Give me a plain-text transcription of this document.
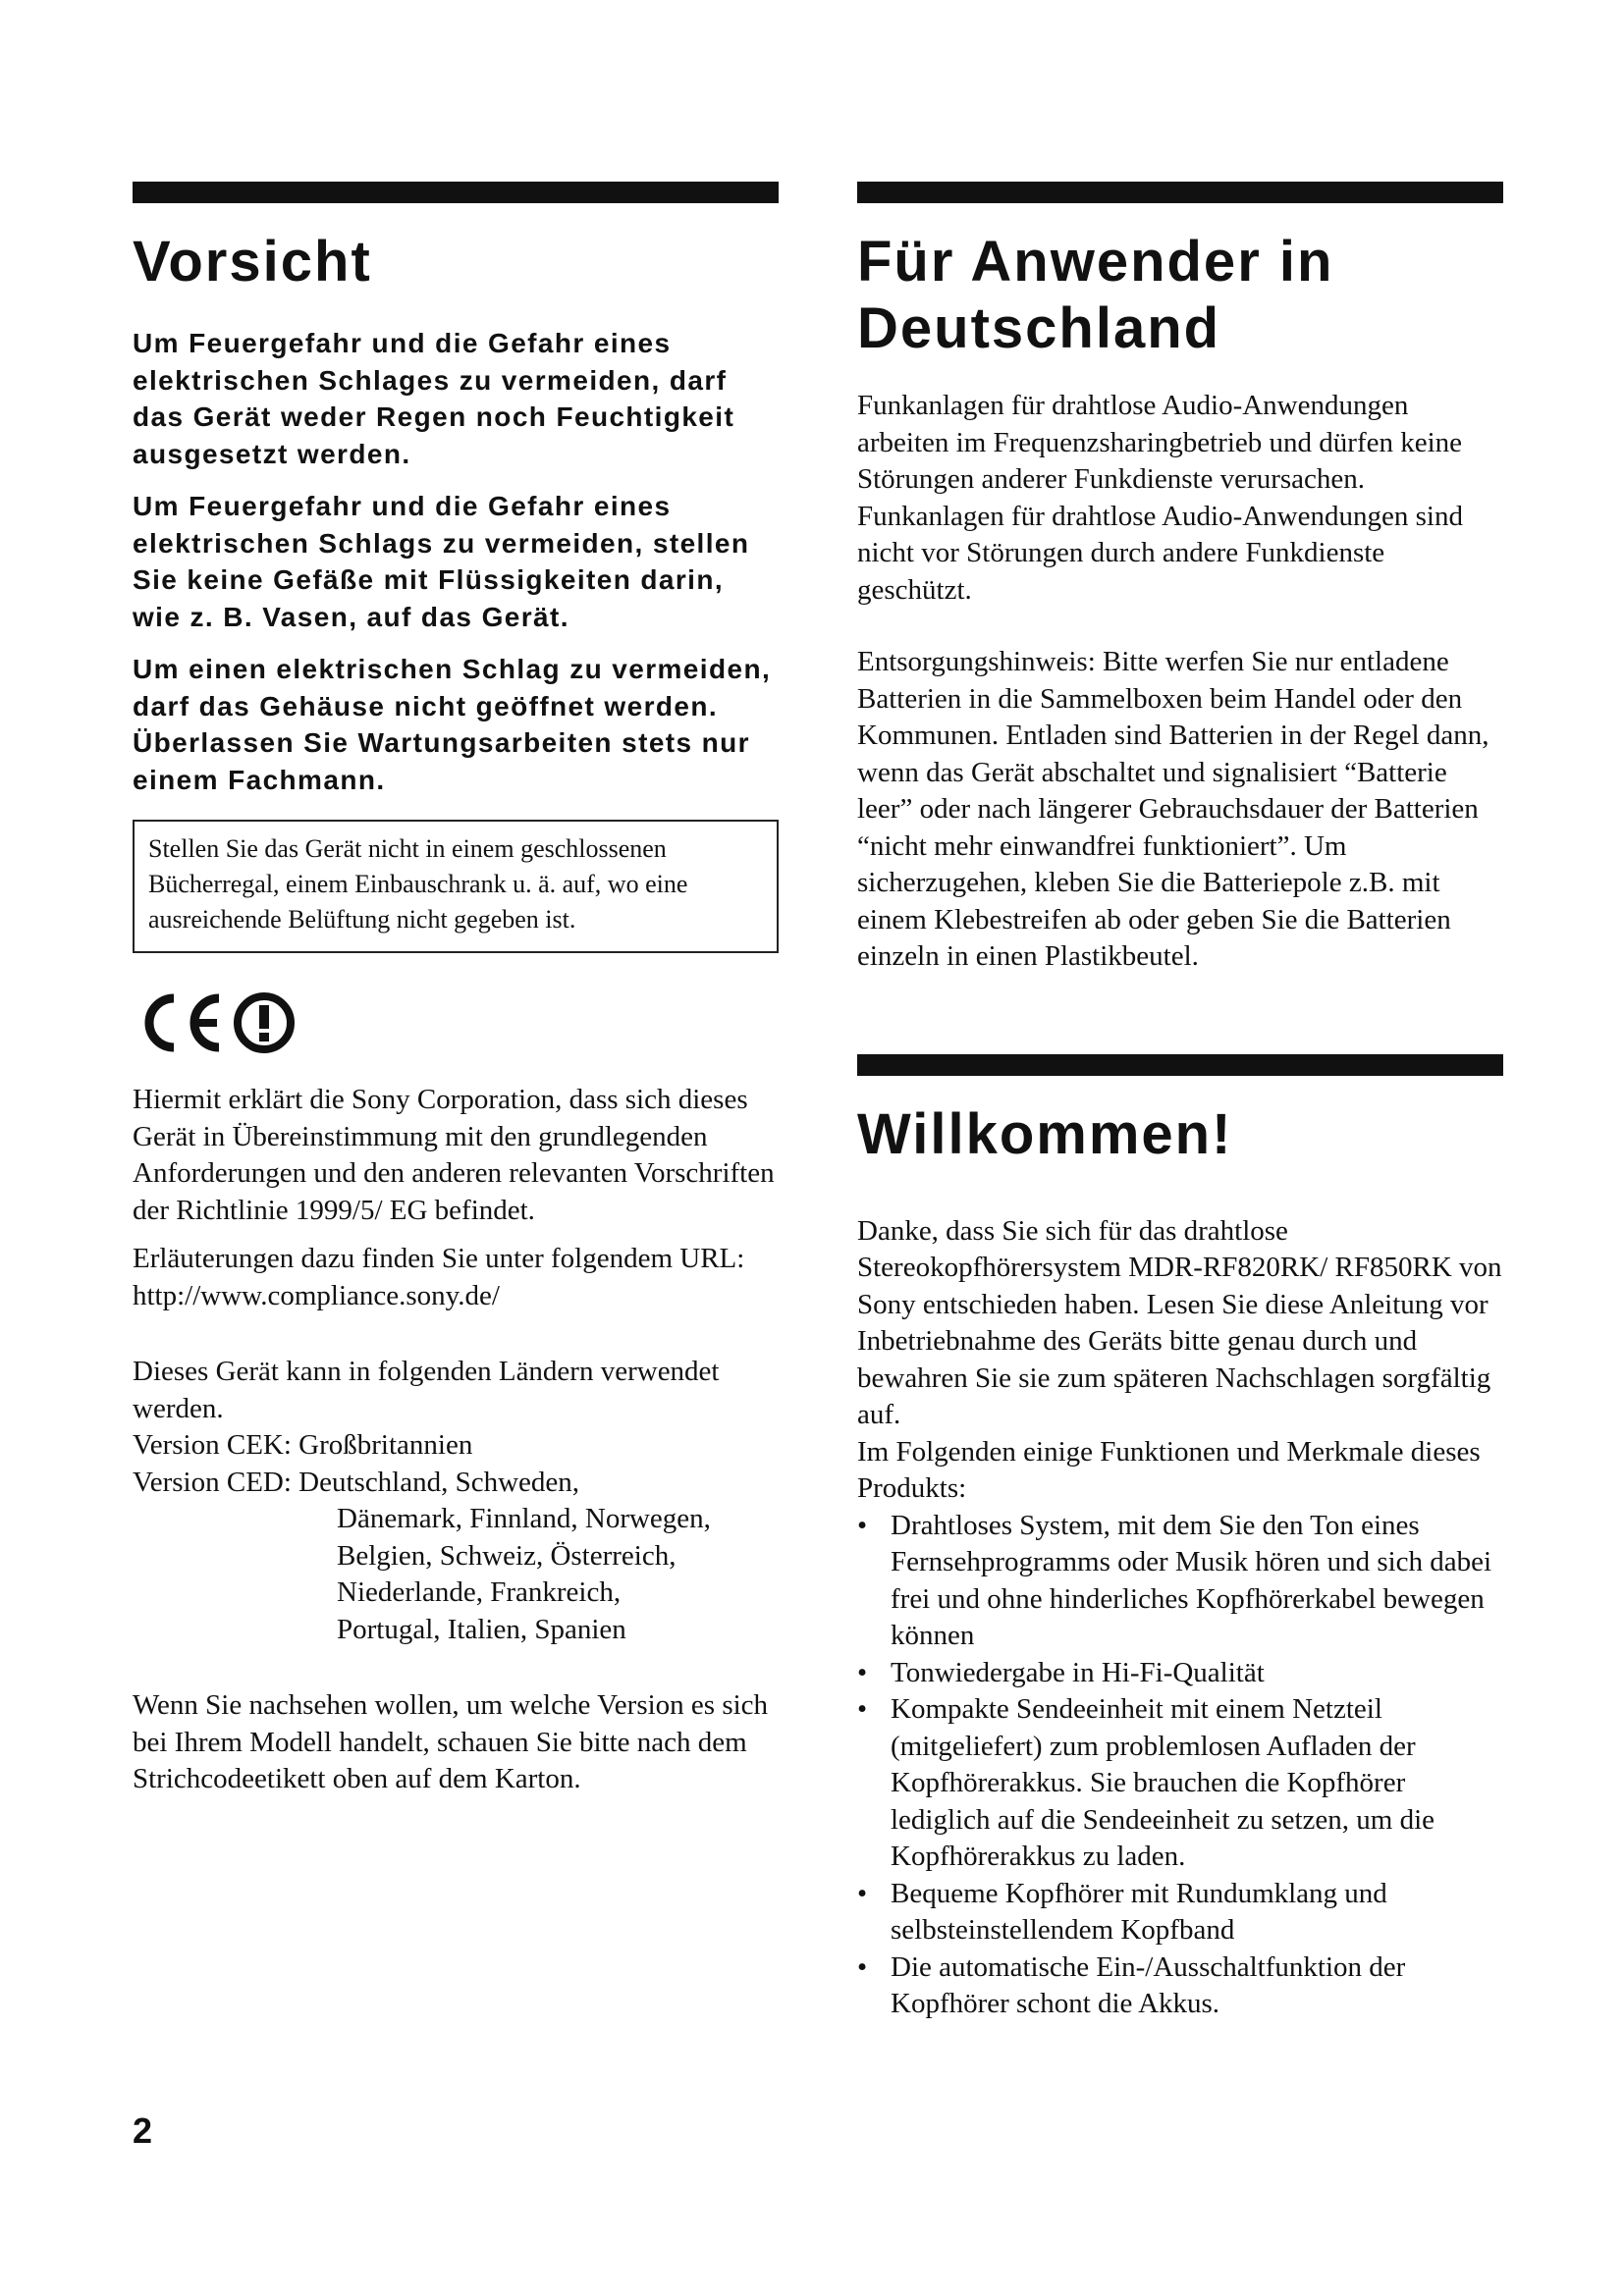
Vorsicht

Um Feuergefahr und die Gefahr eines elektrischen Schlages zu vermeiden, darf das Gerät weder Regen noch Feuchtigkeit ausgesetzt werden.

Um Feuergefahr und die Gefahr eines elektrischen Schlags zu vermeiden, stellen Sie keine Gefäße mit Flüssigkeiten darin, wie z. B. Vasen, auf das Gerät.

Um einen elektrischen Schlag zu vermeiden, darf das Gehäuse nicht geöffnet werden. Überlassen Sie Wartungsarbeiten stets nur einem Fachmann.

Stellen Sie das Gerät nicht in einem geschlossenen Bücherregal, einem Einbauschrank u. ä. auf, wo eine ausreichende Belüftung nicht gegeben ist.

Hiermit erklärt die Sony Corporation, dass sich dieses Gerät in Übereinstimmung mit den grundlegenden Anforderungen und den anderen relevanten Vorschriften der Richtlinie 1999/5/ EG befindet.

Erläuterungen dazu finden Sie unter folgendem URL: http://www.compliance.sony.de/

Dieses Gerät kann in folgenden Ländern verwendet werden.

Version CEK: Großbritannien

Version CED: Deutschland, Schweden,

Dänemark, Finnland, Norwegen,

Belgien, Schweiz, Österreich,

Niederlande, Frankreich,

Portugal, Italien, Spanien

Wenn Sie nachsehen wollen, um welche Version es sich bei Ihrem Modell handelt, schauen Sie bitte nach dem Strichcodeetikett oben auf dem Karton.

Für Anwender in
Deutschland

Funkanlagen für drahtlose Audio-Anwendungen arbeiten im Frequenzsharingbetrieb und dürfen keine Störungen anderer Funkdienste verursachen. Funkanlagen für drahtlose Audio-Anwendungen sind nicht vor Störungen durch andere Funkdienste geschützt.

Entsorgungshinweis: Bitte werfen Sie nur entladene Batterien in die Sammelboxen beim Handel oder den Kommunen. Entladen sind Batterien in der Regel dann, wenn das Gerät abschaltet und signalisiert “Batterie leer” oder nach längerer Gebrauchsdauer der Batterien “nicht mehr einwandfrei funktioniert”. Um sicherzugehen, kleben Sie die Batteriepole z.B. mit einem Klebestreifen ab oder geben Sie die Batterien einzeln in einen Plastikbeutel.

Willkommen!

Danke, dass Sie sich für das drahtlose Stereokopfhörersystem MDR-RF820RK/ RF850RK von Sony entschieden haben. Lesen Sie diese Anleitung vor Inbetriebnahme des Geräts bitte genau durch und bewahren Sie sie zum späteren Nachschlagen sorgfältig auf.

Im Folgenden einige Funktionen und Merkmale dieses Produkts:

• Drahtloses System, mit dem Sie den Ton eines Fernsehprogramms oder Musik hören und sich dabei frei und ohne hinderliches Kopfhörerkabel bewegen können
• Tonwiedergabe in Hi-Fi-Qualität
• Kompakte Sendeeinheit mit einem Netzteil (mitgeliefert) zum problemlosen Aufladen der Kopfhörerakkus. Sie brauchen die Kopfhörer lediglich auf die Sendeeinheit zu setzen, um die Kopfhörerakkus zu laden.
• Bequeme Kopfhörer mit Rundumklang und selbsteinstellendem Kopfband
• Die automatische Ein-/Ausschaltfunktion der Kopfhörer schont die Akkus.
2
